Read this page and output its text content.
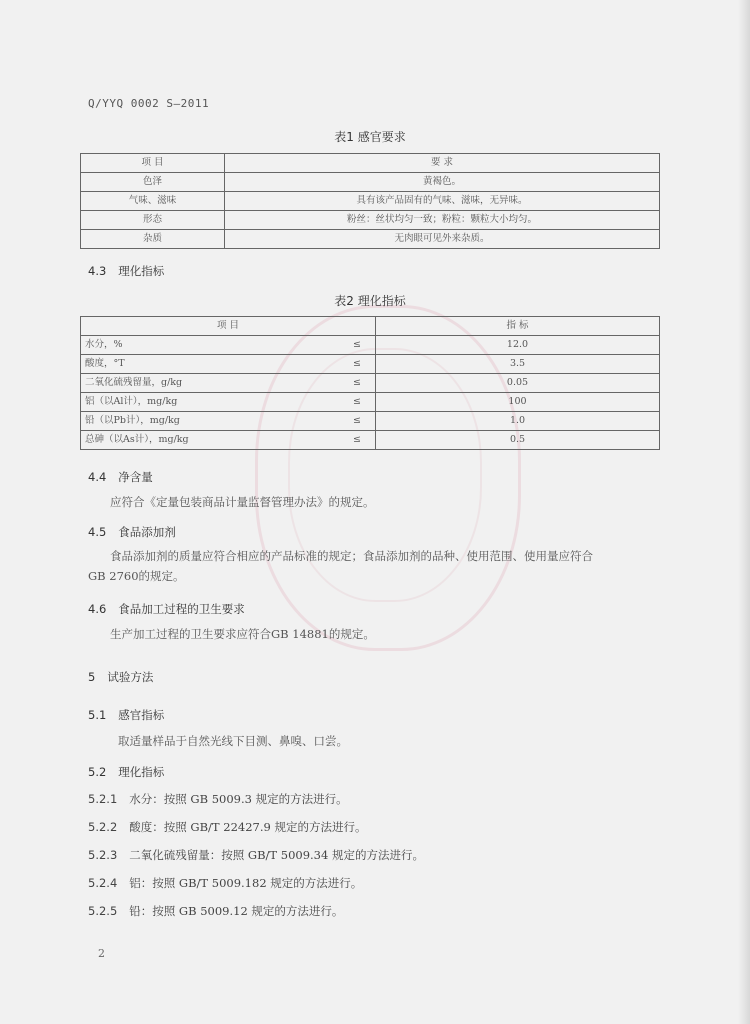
Q/YYQ 0002 S—2011
表1 感官要求
项 目	要 求
色泽	黄褐色。
气味、滋味	具有该产品固有的气味、滋味，无异味。
形态	粉丝：丝状均匀一致；粉粒：颗粒大小均匀。
杂质	无肉眼可见外来杂质。
4.3 理化指标
表2 理化指标
项 目	指 标
水分，% ≤	12.0
酸度，°T ≤	3.5
二氧化硫残留量，g/kg ≤	0.05
铝（以Al计），mg/kg ≤	100
铅（以Pb计），mg/kg ≤	1.0
总砷（以As计），mg/kg ≤	0.5
4.4 净含量
应符合《定量包装商品计量监督管理办法》的规定。
4.5 食品添加剂
食品添加剂的质量应符合相应的产品标准的规定；食品添加剂的品种、使用范围、使用量应符合
GB 2760的规定。
4.6 食品加工过程的卫生要求
生产加工过程的卫生要求应符合GB 14881的规定。
5 试验方法
5.1 感官指标
取适量样品于自然光线下目测、鼻嗅、口尝。
5.2 理化指标
5.2.1 水分：按照 GB 5009.3 规定的方法进行。
5.2.2 酸度：按照 GB/T 22427.9 规定的方法进行。
5.2.3 二氧化硫残留量：按照 GB/T 5009.34 规定的方法进行。
5.2.4 铝：按照 GB/T 5009.182 规定的方法进行。
5.2.5 铅：按照 GB 5009.12 规定的方法进行。
2
